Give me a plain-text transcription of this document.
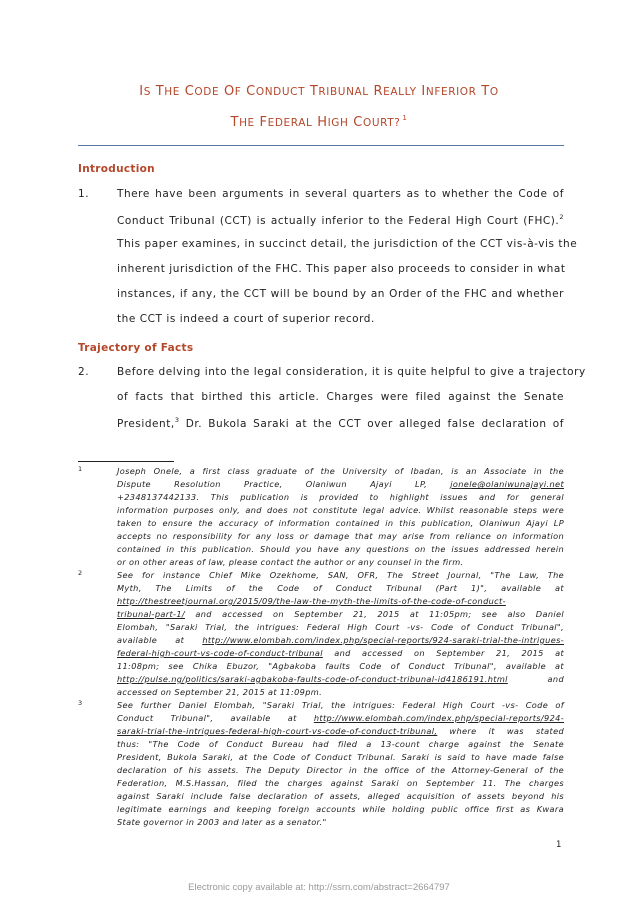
IS THE CODE OF CONDUCT TRIBUNAL REALLY INFERIOR TO
THE FEDERAL HIGH COURT? $^1$
Introduction
1.	There have been arguments in several quarters as to whether the Code of
Conduct Tribunal (CCT) is actually inferior to the Federal High Court (FHC).$^2$
This paper examines, in succinct detail, the jurisdiction of the CCT vis-à-vis the
inherent jurisdiction of the FHC. This paper also proceeds to consider in what
instances, if any, the CCT will be bound by an Order of the FHC and whether
the CCT is indeed a court of superior record.
Trajectory of Facts
2.	Before delving into the legal consideration, it is quite helpful to give a trajectory
of facts that birthed this article. Charges were filed against the Senate
President,$^3$ Dr. Bukola Saraki at the CCT over alleged false declaration of
1	Joseph Onele, a first class graduate of the University of Ibadan, is an Associate in the
Dispute Resolution Practice, Olaniwun Ajayi LP,	jonele@olaniwunajayi.net
+2348137442133. This publication is provided to highlight issues and for general
information purposes only, and does not constitute legal advice. Whilst reasonable steps were
taken to ensure the accuracy of information contained in this publication, Olaniwun Ajayi LP
accepts no responsibility for any loss or damage that may arise from reliance on information
contained in this publication. Should you have any questions on the issues addressed herein
or on other areas of law, please contact the author or any counsel in the firm.
2	See for instance Chief Mike Ozekhome, SAN, OFR, The Street Journal, "The Law, The
Myth, The Limits of the Code of Conduct Tribunal (Part 1)", available at
http://thestreetjournal.org/2015/09/the-law-the-myth-the-limits-of-the-code-of-conduct-
tribunal-part-1/ and accessed on September 21, 2015 at 11:05pm; see also Daniel
Elombah, "Saraki Trial, the intrigues: Federal High Court -vs- Code of Conduct Tribunal",
available at http://www.elombah.com/index.php/special-reports/924-saraki-trial-the-intrigues-
federal-high-court-vs-code-of-conduct-tribunal and accessed on September 21, 2015 at
11:08pm; see Chika Ebuzor, "Agbakoba faults Code of Conduct Tribunal", available at
http://pulse.ng/politics/saraki-agbakoba-faults-code-of-conduct-tribunal-id4186191.html	and
accessed on September 21, 2015 at 11:09pm.
3	See further Daniel Elombah, "Saraki Trial, the intrigues: Federal High Court -vs- Code of
Conduct Tribunal", available at http://www.elombah.com/index.php/special-reports/924-
saraki-trial-the-intrigues-federal-high-court-vs-code-of-conduct-tribunal, where it was stated
thus: "The Code of Conduct Bureau had filed a 13-count charge against the Senate
President, Bukola Saraki, at the Code of Conduct Tribunal. Saraki is said to have made false
declaration of his assets. The Deputy Director in the office of the Attorney-General of the
Federation, M.S.Hassan, filed the charges against Saraki on September 11. The charges
against Saraki include false declaration of assets, alleged acquisition of assets beyond his
legitimate earnings and keeping foreign accounts while holding public office first as Kwara
State governor in 2003 and later as a senator."
1
Electronic copy available at: http://ssrn.com/abstract=2664797
